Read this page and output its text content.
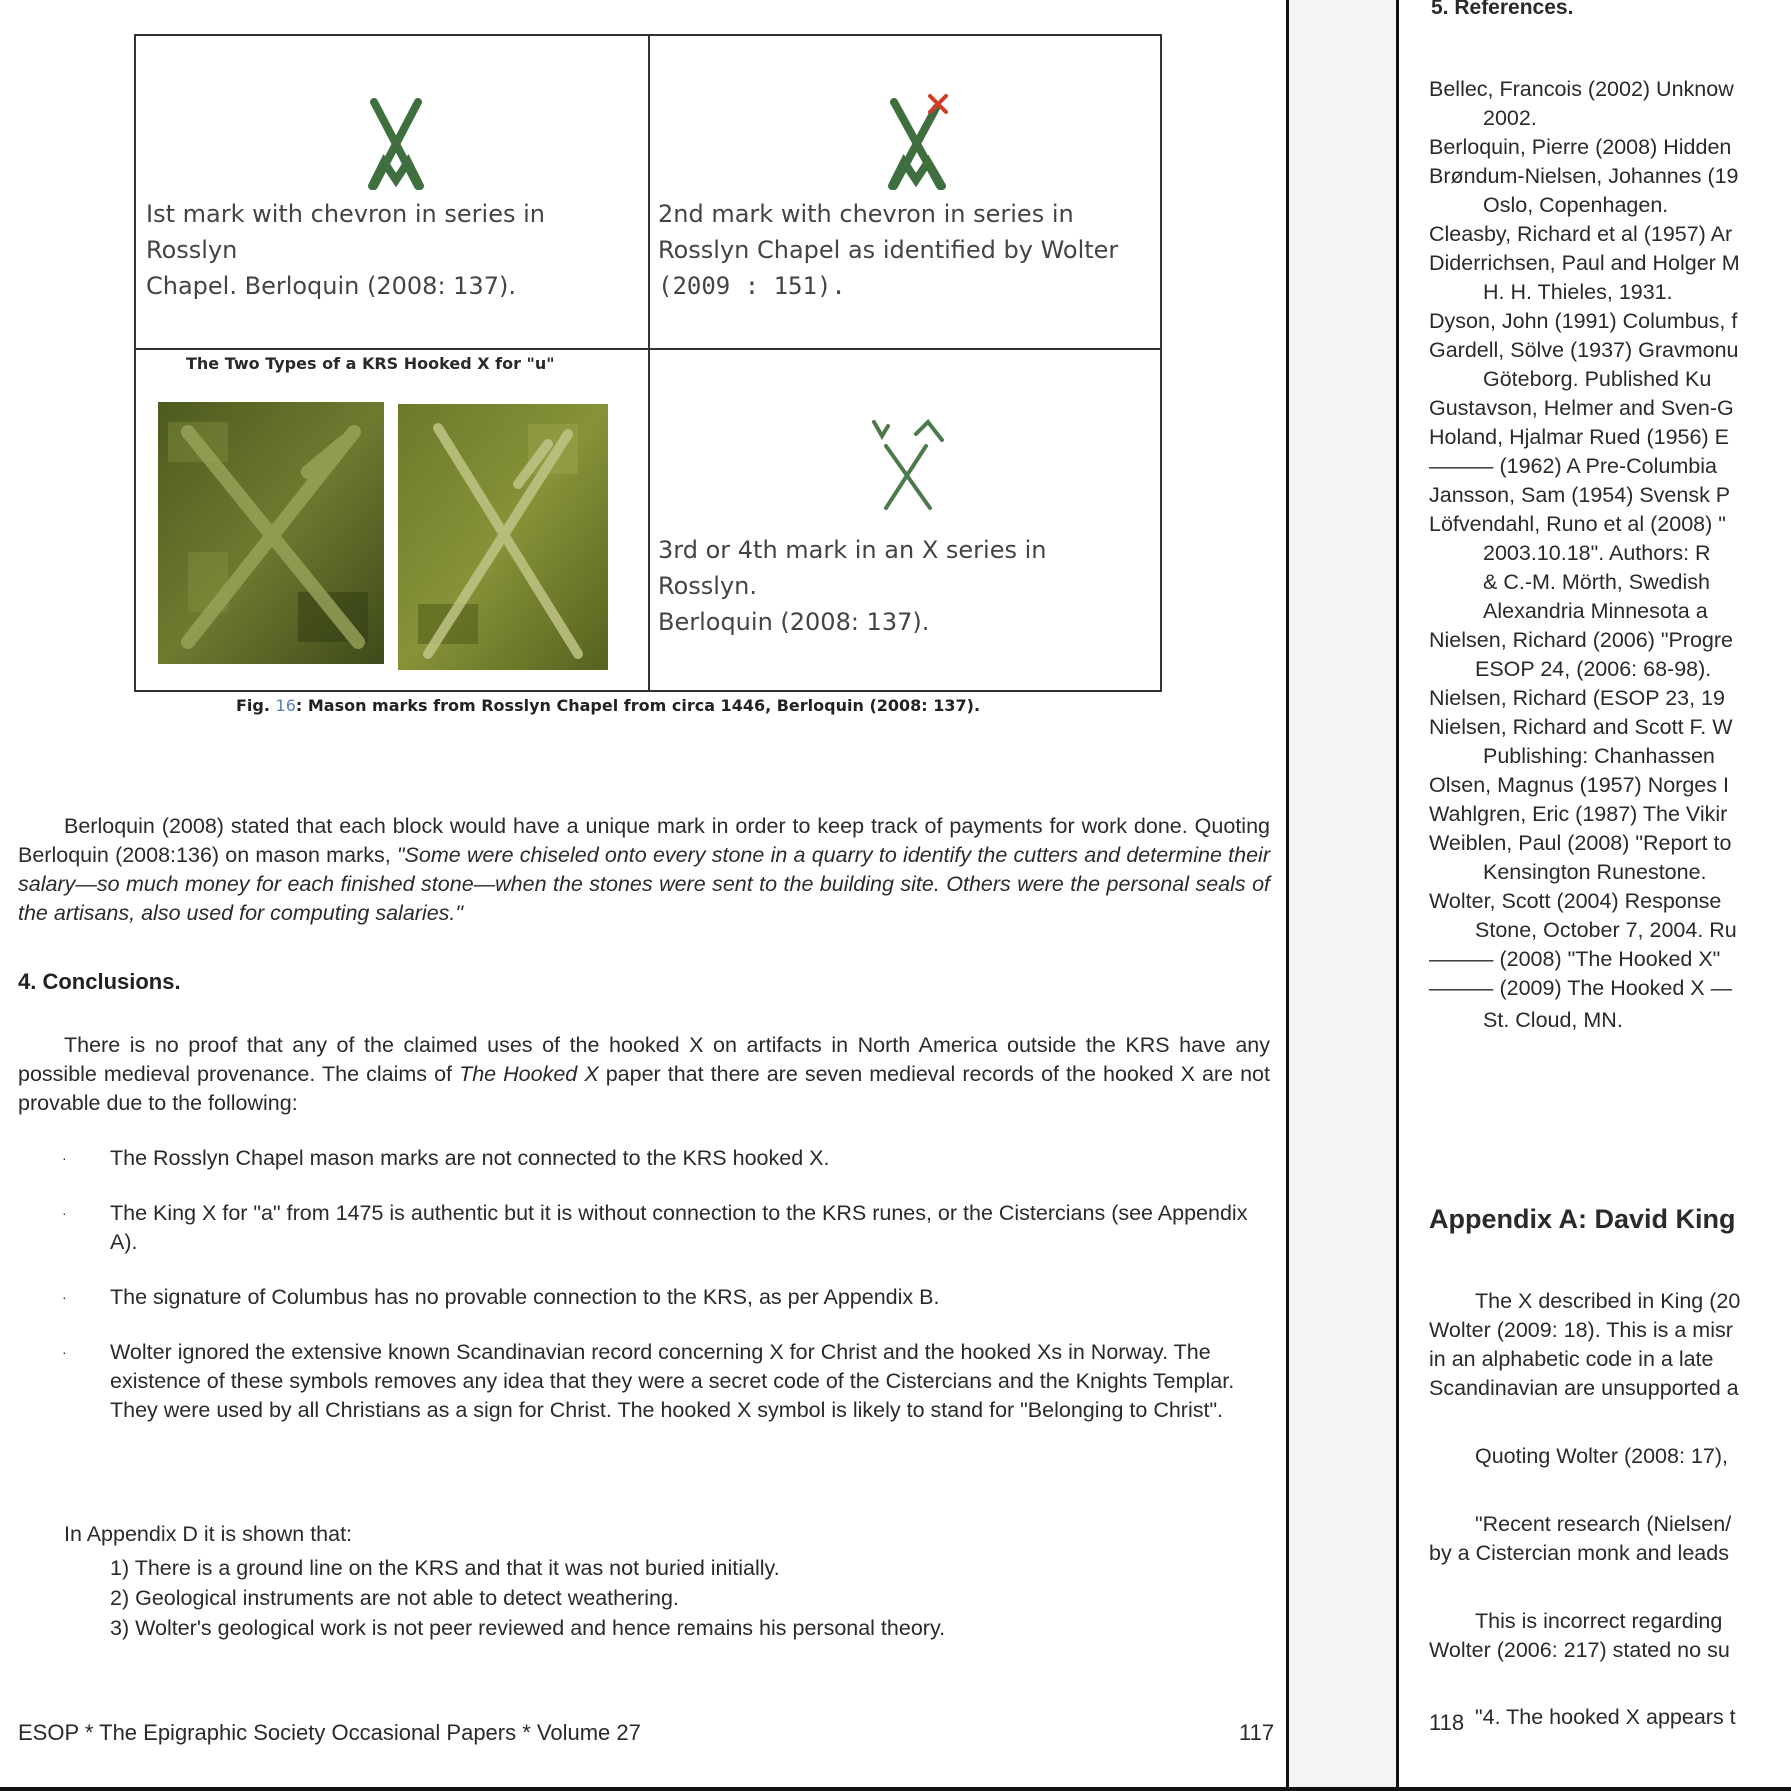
Ist mark with chevron in series in Rosslyn
Chapel. Berloquin (2008: 137).
2nd mark with chevron in series in
Rosslyn Chapel as identified by Wolter
(2009 : 151).
The Two Types of a KRS Hooked X for "u"
3rd or 4th mark in an X series in Rosslyn.
Berloquin (2008: 137).
Fig. 16: Mason marks from Rosslyn Chapel from circa 1446, Berloquin (2008: 137).
Berloquin (2008) stated that each block would have a unique mark in order to keep track of payments for work done. Quoting Berloquin (2008:136) on mason marks, "Some were chiseled onto every stone in a quarry to identify the cutters and determine their salary—so much money for each finished stone—when the stones were sent to the building site. Others were the personal seals of the artisans, also used for computing salaries."
4. Conclusions.
There is no proof that any of the claimed uses of the hooked X on artifacts in North America outside the KRS have any possible medieval provenance. The claims of The Hooked X paper that there are seven medieval records of the hooked X are not provable due to the following:
· The Rosslyn Chapel mason marks are not connected to the KRS hooked X.
· The King X for "a" from 1475 is authentic but it is without connection to the KRS runes, or the Cistercians (see Appendix A).
· The signature of Columbus has no provable connection to the KRS, as per Appendix B.
· Wolter ignored the extensive known Scandinavian record concerning X for Christ and the hooked Xs in Norway. The existence of these symbols removes any idea that they were a secret code of the Cistercians and the Knights Templar. They were used by all Christians as a sign for Christ. The hooked X symbol is likely to stand for "Belonging to Christ".
In Appendix D it is shown that:
1) There is a ground line on the KRS and that it was not buried initially.
2) Geological instruments are not able to detect weathering.
3) Wolter's geological work is not peer reviewed and hence remains his personal theory.
ESOP * The Epigraphic Society Occasional Papers * Volume 27	117
5. References.
Bellec, Francois (2002) Unknow
2002.
Berloquin, Pierre (2008) Hidden
Brøndum-Nielsen, Johannes (19
Oslo, Copenhagen.
Cleasby, Richard et al (1957) Ar
Diderrichsen, Paul and Holger M
H. H. Thieles, 1931.
Dyson, John (1991) Columbus, f
Gardell, Sölve (1937) Gravmonu
Göteborg. Published Ku
Gustavson, Helmer and Sven-G
Holand, Hjalmar Rued (1956) E
——— (1962) A Pre-Columbia
Jansson, Sam (1954) Svensk P
Löfvendahl, Runo et al (2008) "
2003.10.18". Authors: R
& C.-M. Mörth, Swedish
Alexandria Minnesota a
Nielsen, Richard (2006) "Progre
ESOP 24, (2006: 68-98).
Nielsen, Richard (ESOP 23, 19
Nielsen, Richard and Scott F. W
Publishing: Chanhassen
Olsen, Magnus (1957) Norges I
Wahlgren, Eric (1987) The Vikir
Weiblen, Paul (2008) "Report to
Kensington Runestone.
Wolter, Scott (2004) Response
Stone, October 7, 2004. Ru
——— (2008) "The Hooked X"
——— (2009) The Hooked X —
St. Cloud, MN.
Appendix A: David King
The X described in King (20
Wolter (2009: 18). This is a misr
in an alphabetic code in a late
Scandinavian are unsupported a
Quoting Wolter (2008: 17),
"Recent research (Nielsen/
by a Cistercian monk and leads
This is incorrect regarding
Wolter (2006: 217) stated no su
"4. The hooked X appears t
118
